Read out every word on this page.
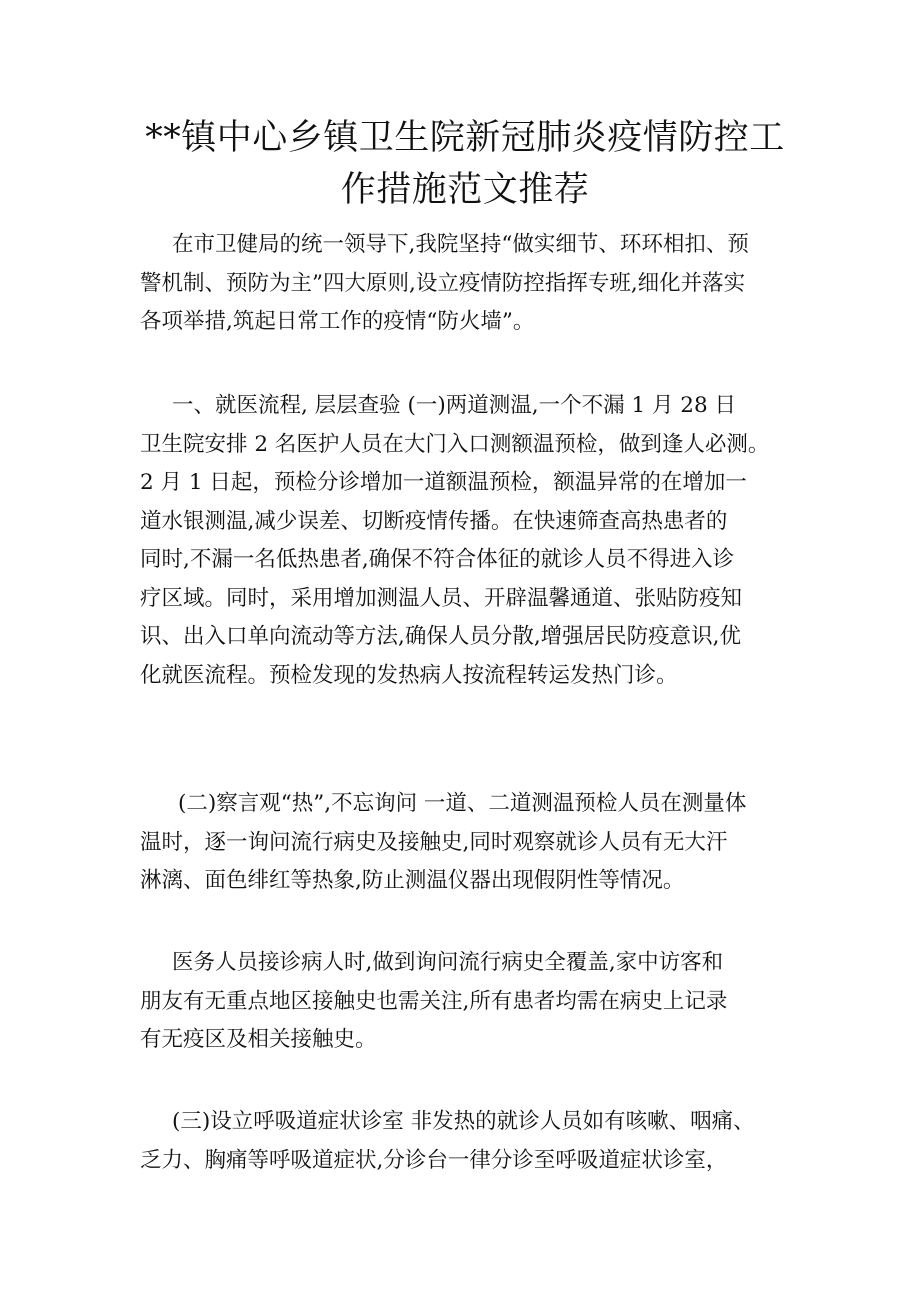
**镇中心乡镇卫生院新冠肺炎疫情防控工
作措施范文推荐

在市卫健局的统一领导下,我院坚持“做实细节、环环相扣、预
警机制、预防为主”四大原则,设立疫情防控指挥专班,细化并落实
各项举措,筑起日常工作的疫情“防火墙”。

一、就医流程, 层层查验 (一)两道测温,一个不漏 1 月 28 日
卫生院安排 2 名医护人员在大门入口测额温预检，做到逢人必测。
2 月 1 日起，预检分诊增加一道额温预检，额温异常的在增加一
道水银测温,减少误差、切断疫情传播。在快速筛查高热患者的
同时,不漏一名低热患者,确保不符合体征的就诊人员不得进入诊
疗区域。同时，采用增加测温人员、开辟温馨通道、张贴防疫知
识、出入口单向流动等方法,确保人员分散,增强居民防疫意识,优
化就医流程。预检发现的发热病人按流程转运发热门诊。

(二)察言观“热”,不忘询问 一道、二道测温预检人员在测量体
温时，逐一询问流行病史及接触史,同时观察就诊人员有无大汗
淋漓、面色绯红等热象,防止测温仪器出现假阴性等情况。

医务人员接诊病人时,做到询问流行病史全覆盖,家中访客和
朋友有无重点地区接触史也需关注,所有患者均需在病史上记录
有无疫区及相关接触史。

(三)设立呼吸道症状诊室 非发热的就诊人员如有咳嗽、咽痛、
乏力、胸痛等呼吸道症状,分诊台一律分诊至呼吸道症状诊室，
